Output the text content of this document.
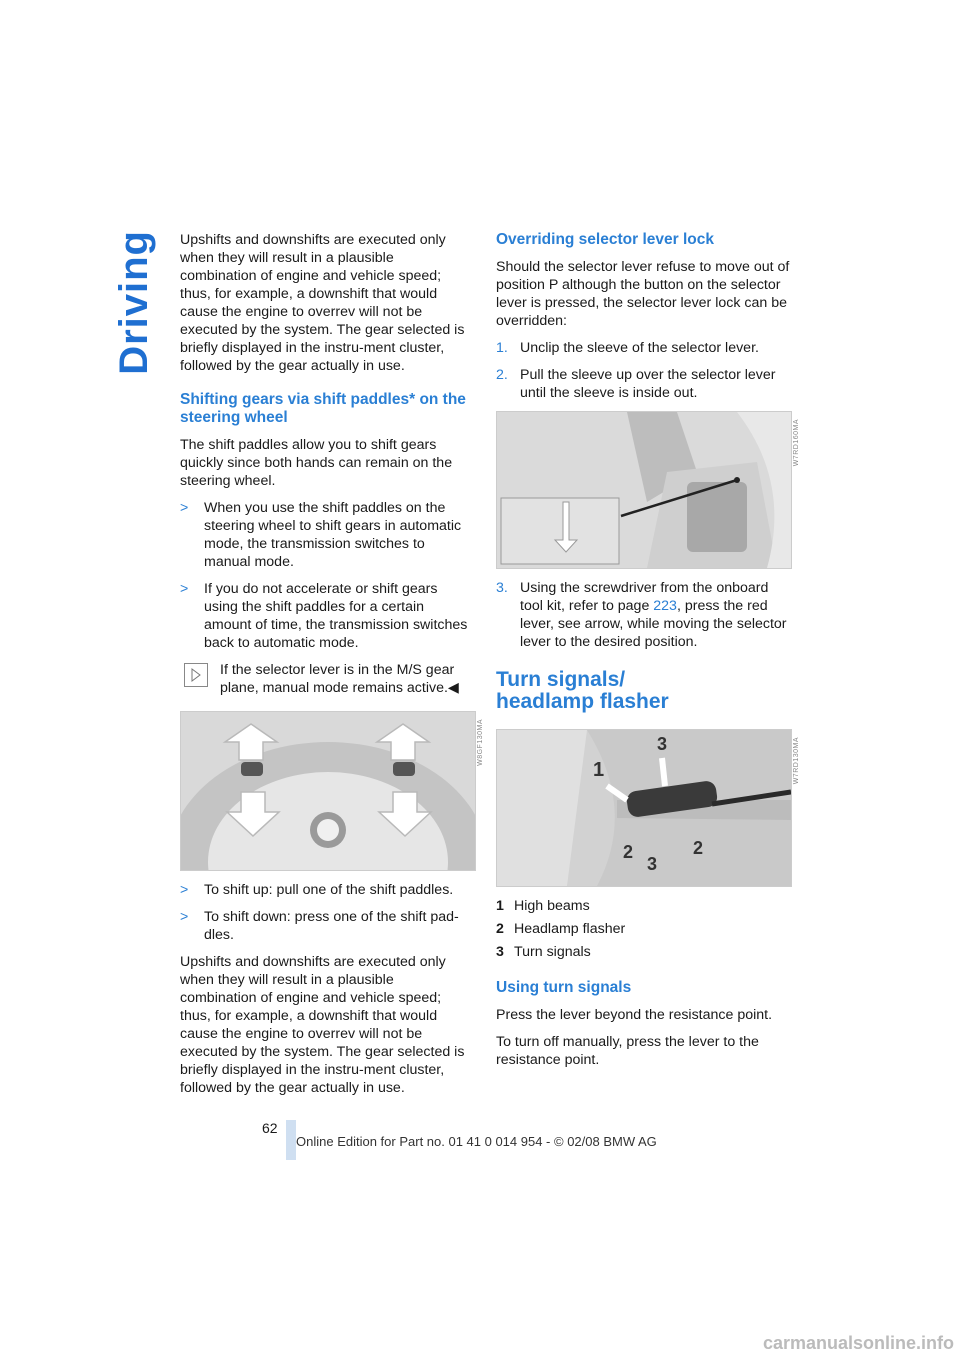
Driving Upshifts and downshifts are executed only when they will result in a plausible combination of engine and vehicle speed; thus, for example, a downshift that would cause the engine to overrev will not be executed by the system. The gear selected is briefly displayed in the instru-ment cluster, followed by the gear actually in use.

Shifting gears via shift paddles* on the steering wheel

The shift paddles allow you to shift gears quickly since both hands can remain on the steering wheel.

>	When you use the shift paddles on the steering wheel to shift gears in automatic mode, the transmission switches to manual mode.
>	If you do not accelerate or shift gears using the shift paddles for a certain amount of time, the transmission switches back to automatic mode.
If the selector lever is in the M/S gear plane, manual mode remains active.◀
W8GF130MA
>	To shift up: pull one of the shift paddles.
>	To shift down: press one of the shift pad-dles.

Upshifts and downshifts are executed only when they will result in a plausible combination of engine and vehicle speed; thus, for example, a downshift that would cause the engine to overrev will not be executed by the system. The gear selected is briefly displayed in the instru-ment cluster, followed by the gear actually in use.

Overriding selector lever lock

Should the selector lever refuse to move out of position P although the button on the selector lever is pressed, the selector lever lock can be overridden:

1. Unclip the sleeve of the selector lever.
2. Pull the sleeve up over the selector lever until the sleeve is inside out.
W7RD160MA
3. Using the screwdriver from the onboard tool kit, refer to page 223, press the red lever, see arrow, while moving the selector lever to the desired position.
Turn signals/ headlamp flasher
1
3
2
3
2
W7RD130MA
1 High beams
2 Headlamp flasher
3 Turn signals
Using turn signals

Press the lever beyond the resistance point.

To turn off manually, press the lever to the resistance point.

62
Online Edition for Part no. 01 41 0 014 954 - © 02/08 BMW AG
carmanualsonline.info
